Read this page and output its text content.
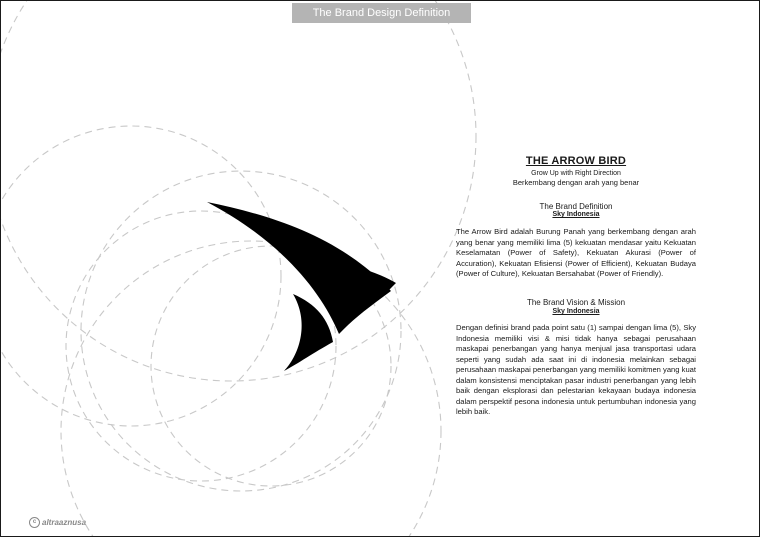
The Brand Design Definition
THE ARROW BIRD
Grow Up with Right Direction
Berkembang dengan arah yang benar
The Brand Definition
Sky Indonesia
The Arrow Bird adalah Burung Panah yang berkembang dengan arah yang benar yang memiliki lima (5) kekuatan mendasar yaitu Kekuatan Keselamatan (Power of Safety), Kekuatan Akurasi (Power of Accuration), Kekuatan Efisiensi (Power of Efficient), Kekuatan Budaya (Power of Culture), Kekuatan Bersahabat (Power of Friendly).
The Brand Vision & Mission
Sky Indonesia
Dengan definisi brand pada point satu (1) sampai dengan lima (5), Sky Indonesia memiliki visi & misi tidak hanya sebagai perusahaan maskapai penerbangan yang hanya menjual jasa transportasi udara seperti yang sudah ada saat ini di indonesia melainkan sebagai perusahaan maskapai penerbangan yang memiliki komitmen yang kuat dalam konsistensi menciptakan pasar industri penerbangan yang lebih baik dengan eksplorasi dan pelestarian kekayaan budaya indonesia dalam perspektif pesona indonesia untuk pertumbuhan indonesia yang lebih baik.
c altraaznusa
